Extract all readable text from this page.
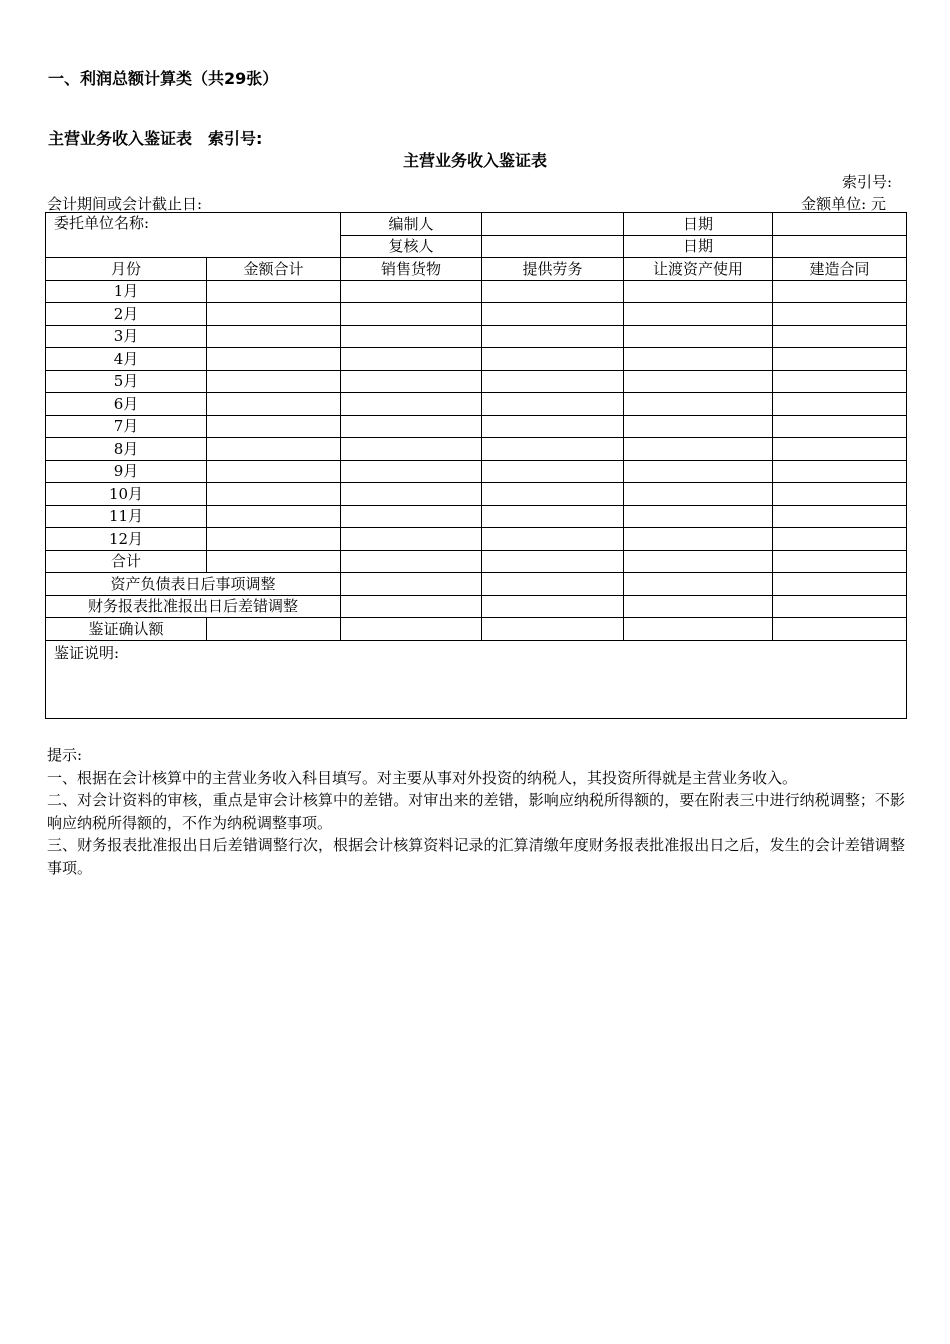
一、利润总额计算类（共29张）
主营业务收入鉴证表　索引号:
主营业务收入鉴证表
索引号:
会计期间或会计截止日:	金额单位: 元
委托单位名称:		编制人		日期	
		复核人		日期	
月份	金额合计	销售货物	提供劳务	让渡资产使用	建造合同
1月					
2月					
3月					
4月					
5月					
6月					
7月					
8月					
9月					
10月					
11月					
12月					
合计					
资产负债表日后事项调整					
财务报表批准报出日后差错调整					
鉴证确认额					
鉴证说明:					

提示:

一、根据在会计核算中的主营业务收入科目填写。对主要从事对外投资的纳税人，其投资所得就是主营业务收入。

二、对会计资料的审核，重点是审会计核算中的差错。对审出来的差错，影响应纳税所得额的，要在附表三中进行纳税调整；不影响应纳税所得额的，不作为纳税调整事项。

三、财务报表批准报出日后差错调整行次，根据会计核算资料记录的汇算清缴年度财务报表批准报出日之后，发生的会计差错调整事项。
